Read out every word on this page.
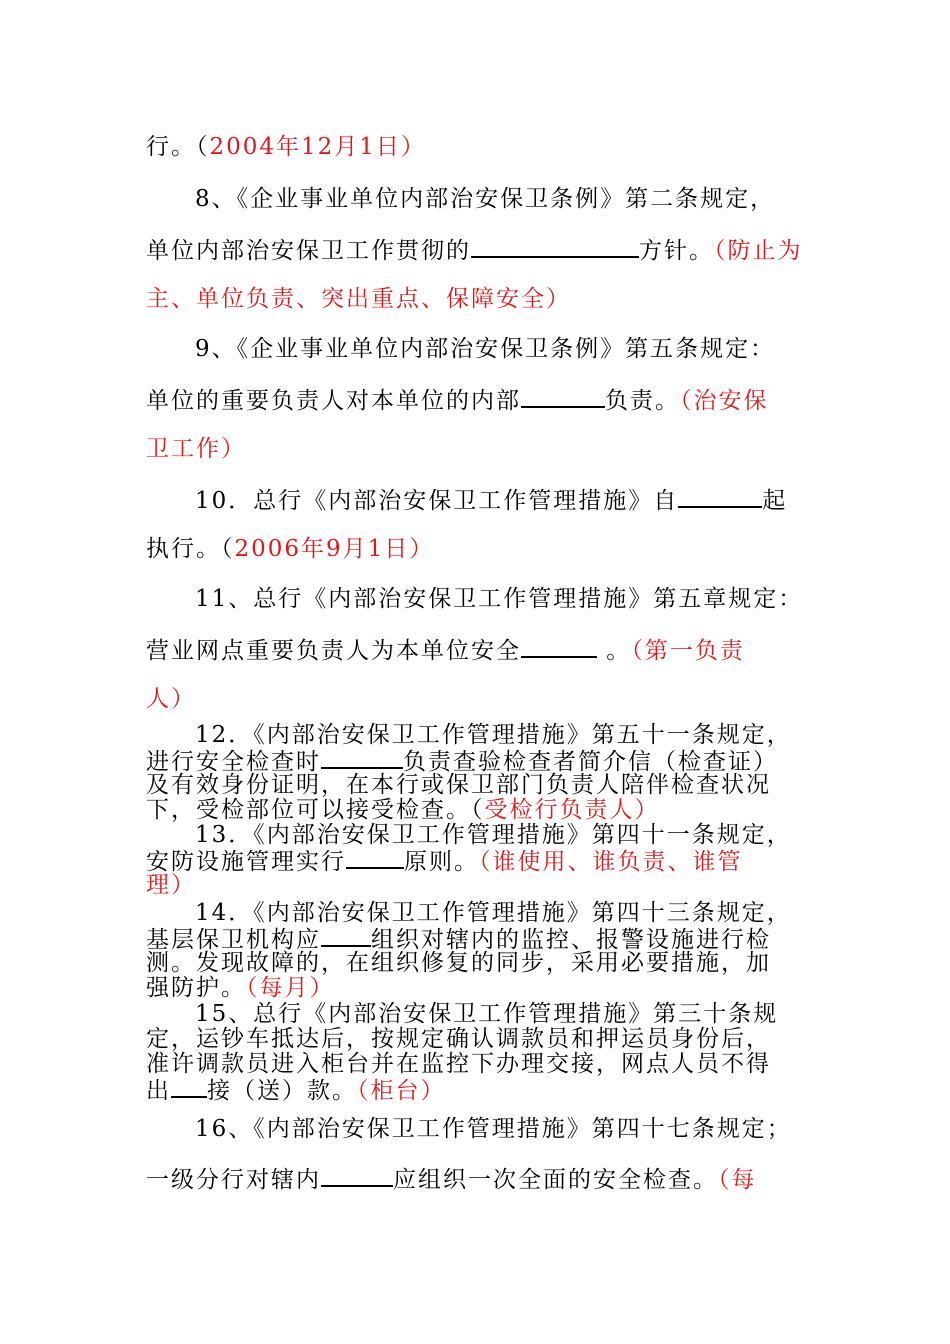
行。（2004年12月1日）

8、《企业事业单位内部治安保卫条例》第二条规定，

单位内部治安保卫工作贯彻的	方针。（防止为

主、单位负责、突出重点、保障安全）

9、《企业事业单位内部治安保卫条例》第五条规定：

单位的重要负责人对本单位的内部	负责。（治安保

卫工作）

10．总行《内部治安保卫工作管理措施》自	起

执行。（2006年9月1日）

11、总行《内部治安保卫工作管理措施》第五章规定：

营业网点重要负责人为本单位安全	。（第一负责

人）

12．《内部治安保卫工作管理措施》第五十一条规定，

进行安全检查时	负责查验检查者简介信（检查证）

及有效身份证明，在本行或保卫部门负责人陪伴检查状况

下，受检部位可以接受检查。（受检行负责人）

13．《内部治安保卫工作管理措施》第四十一条规定，

安防设施管理实行	原则。（谁使用、谁负责、谁管

理）

14．《内部治安保卫工作管理措施》第四十三条规定，

基层保卫机构应 组织对辖内的监控、报警设施进行检

测。发现故障的，在组织修复的同步，采用必要措施，加

强防护。（每月）

15、总行《内部治安保卫工作管理措施》第三十条规

定，运钞车抵达后，按规定确认调款员和押运员身份后，

准许调款员进入柜台并在监控下办理交接，网点人员不得

出 接（送）款。（柜台）

16、《内部治安保卫工作管理措施》第四十七条规定；

一级分行对辖内	应组织一次全面的安全检查。（每
